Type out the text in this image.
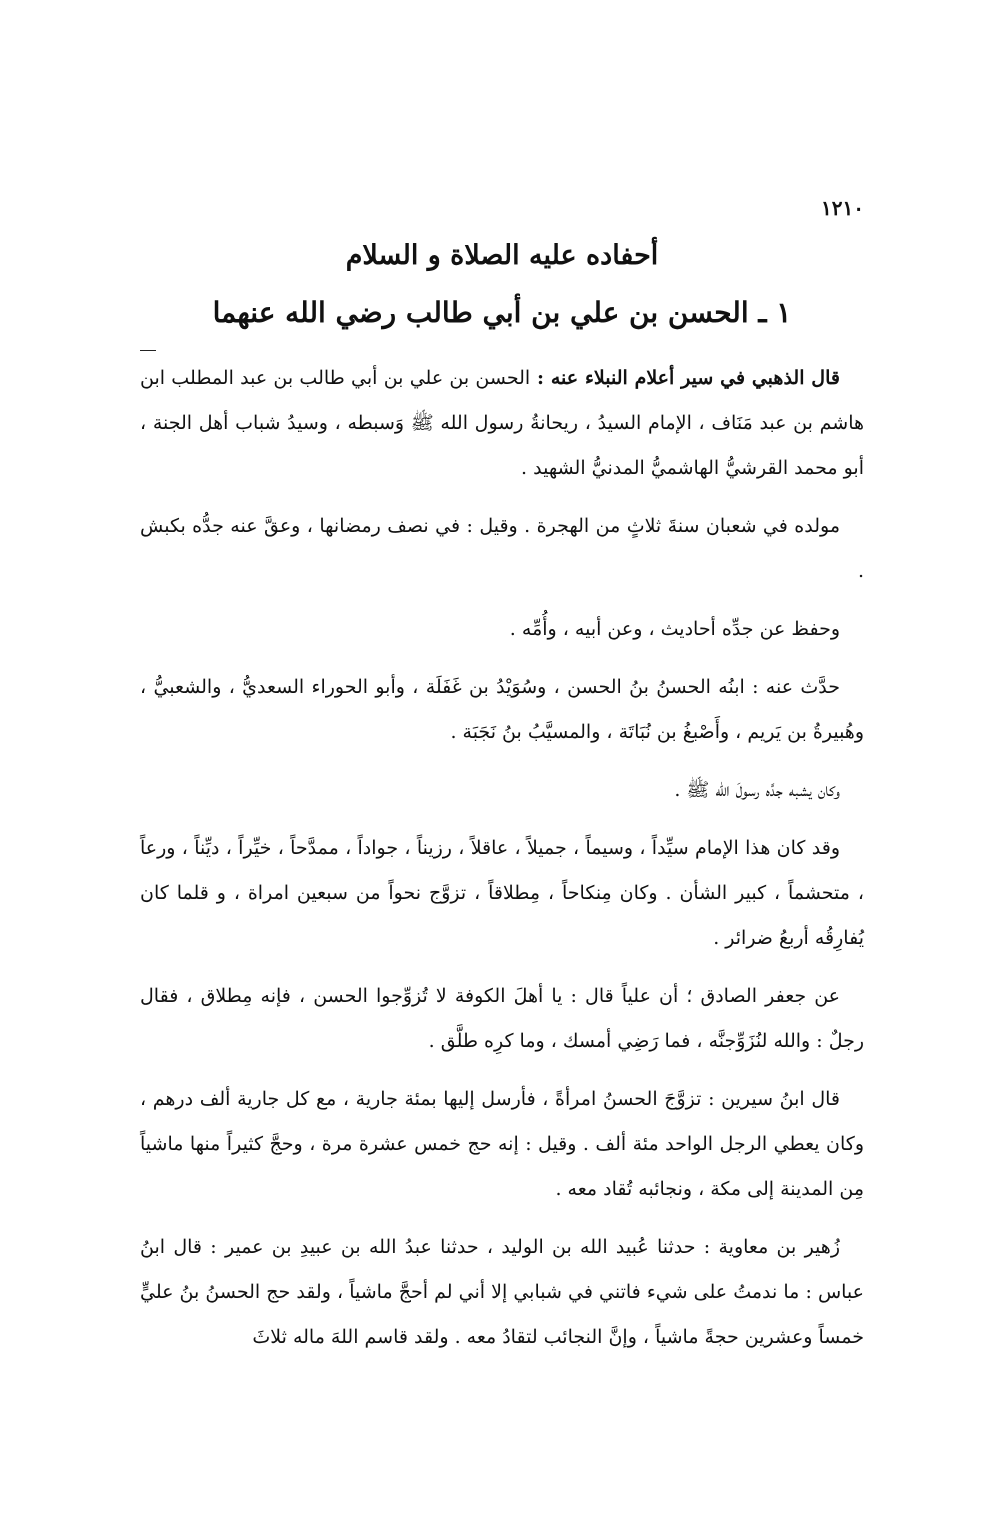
١٢١٠
أحفاده عليه الصلاة و السلام
١ ـ الحسن بن علي بن أبي طالب رضي الله عنهما

قال الذهبي في سير أعلام النبلاء عنه : الحسن بن علي بن أبي طالب بن عبد المطلب ابن هاشم بن عبد مَنَاف ، الإمام السيدُ ، ريحانةُ رسول الله ﷺ وَسبطه ، وسيدُ شباب أهل الجنة ، أبو محمد القرشيُّ الهاشميُّ المدنيُّ الشهيد .

مولده في شعبان سنةَ ثلاثٍ من الهجرة . وقيل : في نصف رمضانها ، وعقَّ عنه جدُّه بكبش .

وحفظ عن جدِّه أحاديث ، وعن أبيه ، وأُمِّه .

حدَّث عنه : ابنُه الحسنُ بنُ الحسن ، وسُوَيْدُ بن غَفَلَة ، وأبو الحوراء السعديُّ ، والشعبيُّ ، وهُبيرةُ بن يَريم ، وأَصْبغُ بن نُبَاتَة ، والمسيَّبُ بنُ نَجَبَة .

وكان يشبه جدَّه رسولَ الله ﷺ .

وقد كان هذا الإمام سيِّداً ، وسيماً ، جميلاً ، عاقلاً ، رزيناً ، جواداً ، ممدَّحاً ، خيِّراً ، ديِّناً ، ورعاً ، متحشماً ، كبير الشأن . وكان مِنكاحاً ، مِطلاقاً ، تزوَّج نحواً من سبعين امراة ، و قلما كان يُفارِقُه أربعُ ضرائر .

عن جعفر الصادق ؛ أن علياً قال : يا أهلَ الكوفة لا تُزوِّجوا الحسن ، فإنه مِطلاق ، فقال رجلٌ : والله لنُزَوِّجنَّه ، فما رَضِي أمسك ، وما كرِه طلَّق .

قال ابنُ سيرين : تزوَّجَ الحسنُ امرأةً ، فأرسل إليها بمئة جارية ، مع كل جارية ألف درهم ، وكان يعطي الرجل الواحد مئة ألف . وقيل : إنه حج خمس عشرة مرة ، وحجَّ كثيراً منها ماشياً مِن المدينة إلى مكة ، ونجائبه تُقاد معه .

زُهير بن معاوية : حدثنا عُبيد الله بن الوليد ، حدثنا عبدُ الله بن عبيدِ بن عمير : قال ابنُ عباس : ما ندمتُ على شيء فاتني في شبابي إلا أني لم أحجَّ ماشياً ، ولقد حج الحسنُ بنُ عليٍّ خمساً وعشرين حجةً ماشياً ، وإنَّ النجائب لتقادُ معه . ولقد قاسم اللهَ ماله ثلاثَ
